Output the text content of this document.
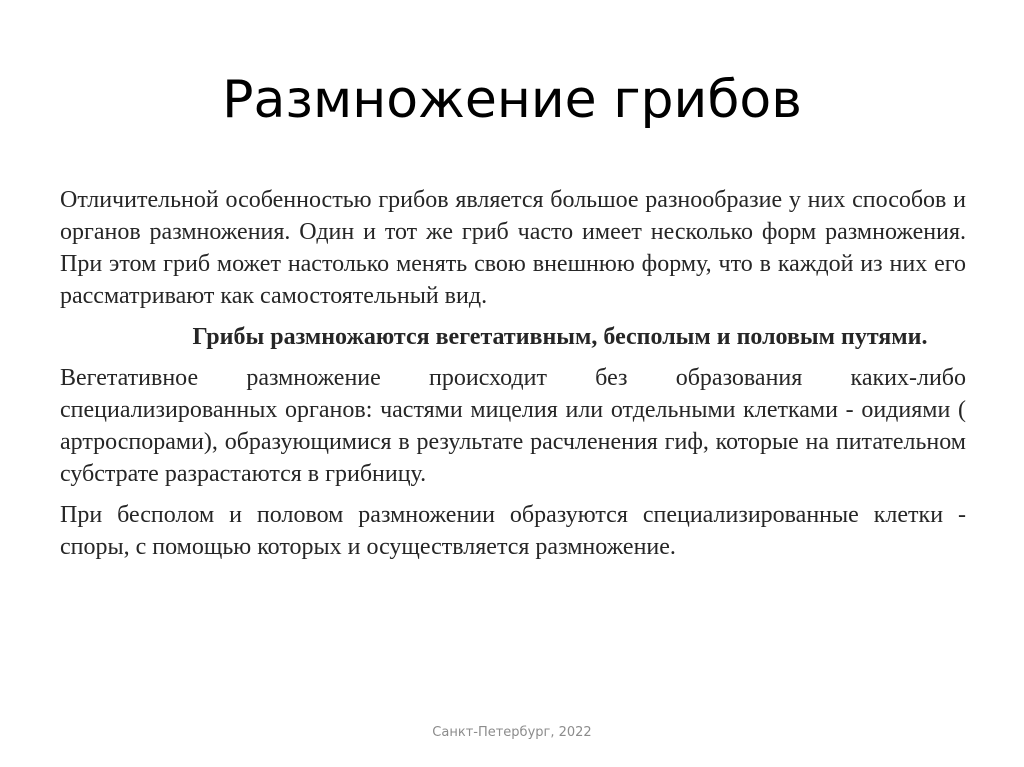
Размножение грибов

Отличительной особенностью грибов является большое разнообразие у них способов и органов размножения. Один и тот же гриб часто имеет несколько форм размножения. При этом гриб может настолько менять свою внешнюю форму, что в каждой из них его рассматривают как самостоятельный вид.

Грибы размножаются вегетативным, бесполым и половым путями.

Вегетативное размножение происходит без образования каких-либо специализированных органов: частями мицелия или отдельными клетками - оидиями ( артроспорами), образующимися в результате расчленения гиф, которые на питательном субстрате разрастаются в грибницу.

При бесполом и половом размножении образуются специализированные клетки - споры, с помощью которых и осуществляется размножение.

Санкт-Петербург, 2022
